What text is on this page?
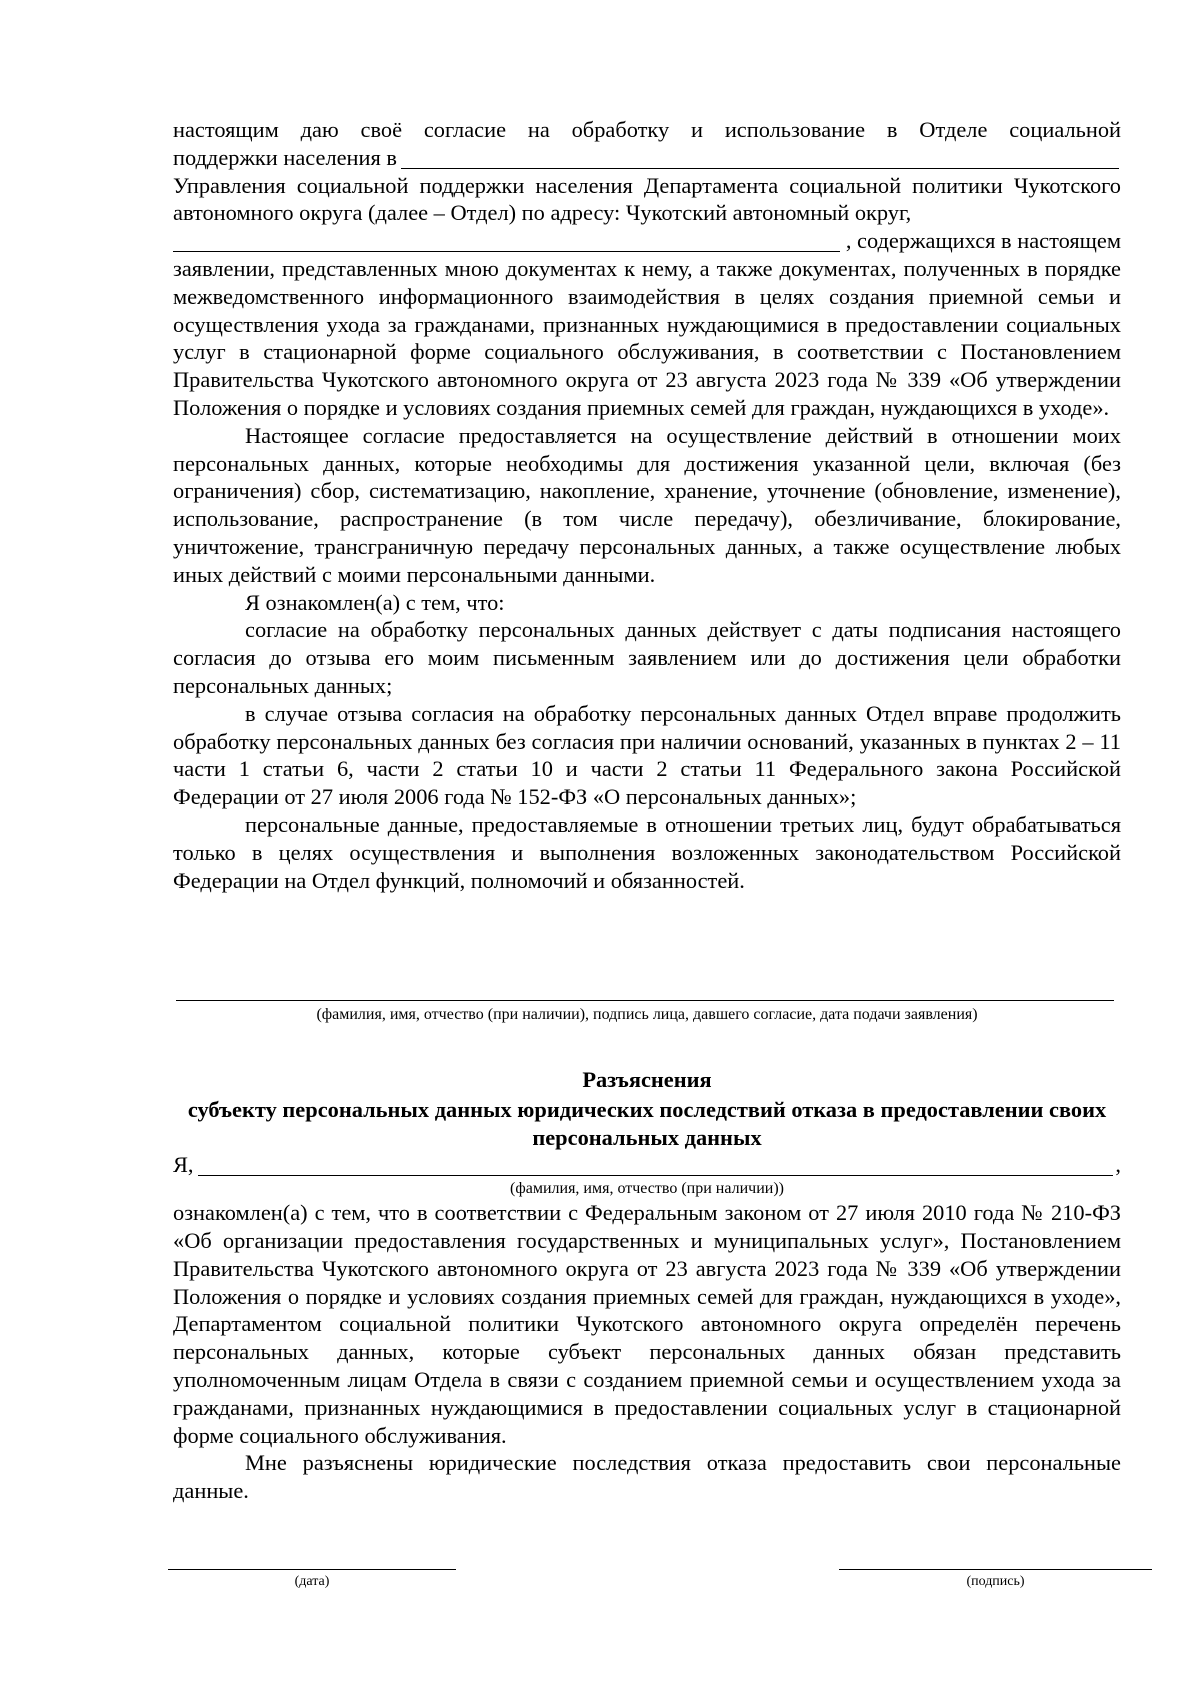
настоящим даю своё согласие на обработку и использование в Отделе социальной

поддержки населения в

Управления социальной поддержки населения Департамента социальной политики Чукотского автономного округа (далее – Отдел) по адресу: Чукотский автономный округ,

, содержащихся в настоящем

заявлении, представленных мною документах к нему, а также документах, полученных в порядке межведомственного информационного взаимодействия в целях создания приемной семьи и осуществления ухода за гражданами, признанных нуждающимися в предоставлении социальных услуг в стационарной форме социального обслуживания, в соответствии с Постановлением Правительства Чукотского автономного округа от 23 августа 2023 года № 339 «Об утверждении Положения о порядке и условиях создания приемных семей для граждан, нуждающихся в уходе».

Настоящее согласие предоставляется на осуществление действий в отношении моих персональных данных, которые необходимы для достижения указанной цели, включая (без ограничения) сбор, систематизацию, накопление, хранение, уточнение (обновление, изменение), использование, распространение (в том числе передачу), обезличивание, блокирование, уничтожение, трансграничную передачу персональных данных, а также осуществление любых иных действий с моими персональными данными.

Я ознакомлен(а) с тем, что:

согласие на обработку персональных данных действует с даты подписания настоящего согласия до отзыва его моим письменным заявлением или до достижения цели обработки персональных данных;

в случае отзыва согласия на обработку персональных данных Отдел вправе продолжить обработку персональных данных без согласия при наличии оснований, указанных в пунктах 2 – 11 части 1 статьи 6, части 2 статьи 10 и части 2 статьи 11 Федерального закона Российской Федерации от 27 июля 2006 года № 152-ФЗ «О персональных данных»;

персональные данные, предоставляемые в отношении третьих лиц, будут обрабатываться только в целях осуществления и выполнения возложенных законодательством Российской Федерации на Отдел функций, полномочий и обязанностей.

(фамилия, имя, отчество (при наличии), подпись лица, давшего согласие, дата подачи заявления)
Разъяснения
субъекту персональных данных юридических последствий отказа в предоставлении своих персональных данных
Я,	,
(фамилия, имя, отчество (при наличии))

ознакомлен(а) с тем, что в соответствии с Федеральным законом от 27 июля 2010 года № 210-ФЗ «Об организации предоставления государственных и муниципальных услуг», Постановлением Правительства Чукотского автономного округа от 23 августа 2023 года № 339 «Об утверждении Положения о порядке и условиях создания приемных семей для граждан, нуждающихся в уходе», Департаментом социальной политики Чукотского автономного округа определён перечень персональных данных, которые субъект персональных данных обязан представить уполномоченным лицам Отдела в связи с созданием приемной семьи и осуществлением ухода за гражданами, признанных нуждающимися в предоставлении социальных услуг в стационарной форме социального обслуживания.

Мне разъяснены юридические последствия отказа предоставить свои персональные данные.

(дата)	(подпись)
